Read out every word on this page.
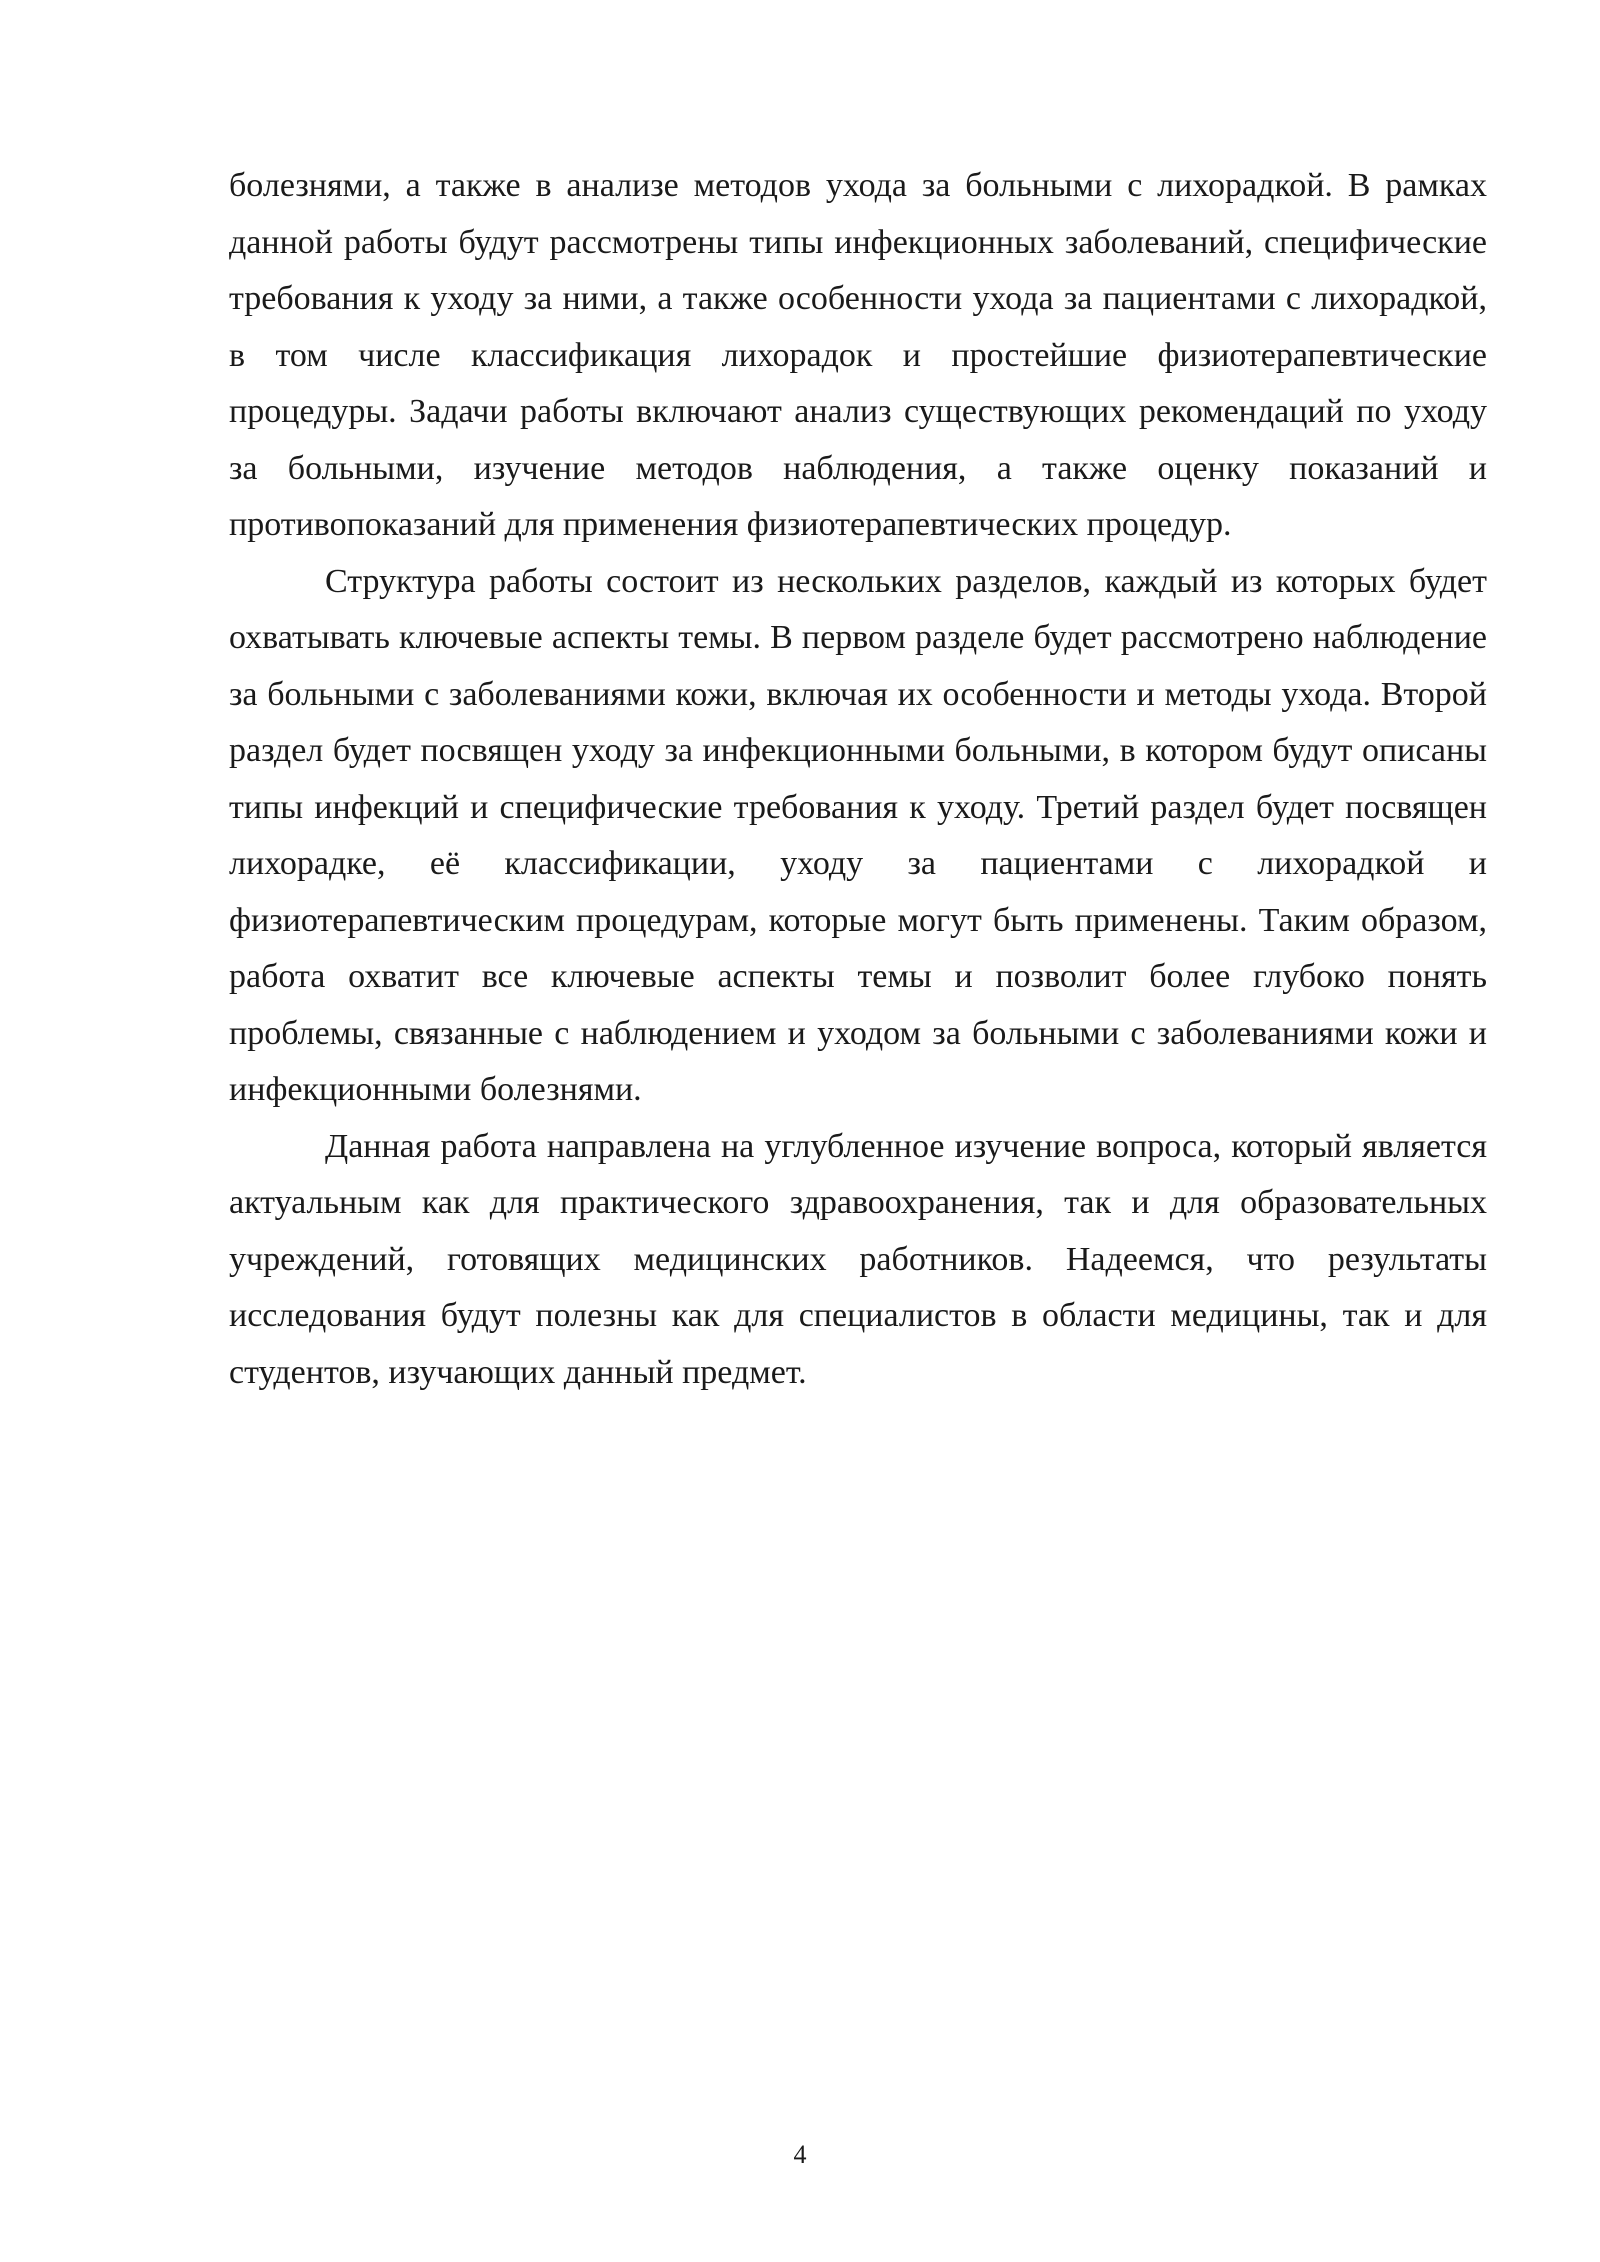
болезнями, а также в анализе методов ухода за больными с лихорадкой. В рамках данной работы будут рассмотрены типы инфекционных заболеваний, специфические требования к уходу за ними, а также особенности ухода за пациентами с лихорадкой, в том числе классификация лихорадок и простейшие физиотерапевтические процедуры. Задачи работы включают анализ существующих рекомендаций по уходу за больными, изучение методов наблюдения, а также оценку показаний и противопоказаний для применения физиотерапевтических процедур.

Структура работы состоит из нескольких разделов, каждый из которых будет охватывать ключевые аспекты темы. В первом разделе будет рассмотрено наблюдение за больными с заболеваниями кожи, включая их особенности и методы ухода. Второй раздел будет посвящен уходу за инфекционными больными, в котором будут описаны типы инфекций и специфические требования к уходу. Третий раздел будет посвящен лихорадке, её классификации, уходу за пациентами с лихорадкой и физиотерапевтическим процедурам, которые могут быть применены. Таким образом, работа охватит все ключевые аспекты темы и позволит более глубоко понять проблемы, связанные с наблюдением и уходом за больными с заболеваниями кожи и инфекционными болезнями.

Данная работа направлена на углубленное изучение вопроса, который является актуальным как для практического здравоохранения, так и для образовательных учреждений, готовящих медицинских работников. Надеемся, что результаты исследования будут полезны как для специалистов в области медицины, так и для студентов, изучающих данный предмет.

4
